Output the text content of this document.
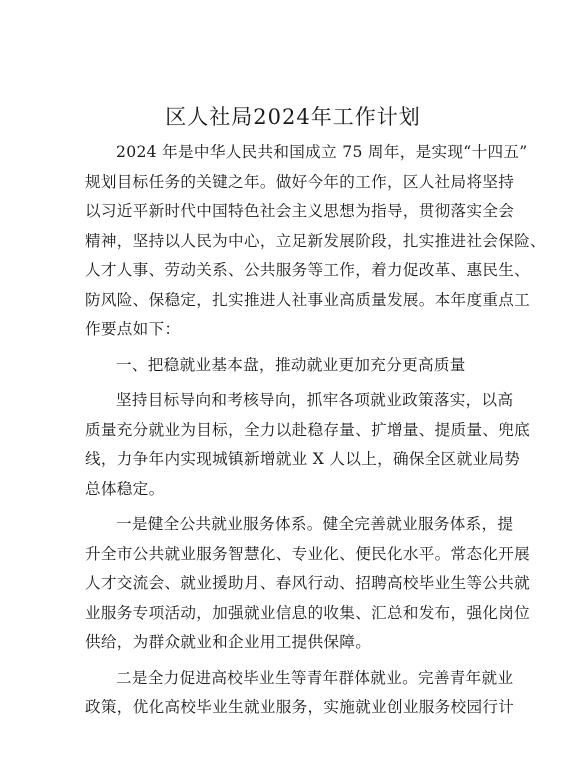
区人社局2024年工作计划
2024 年是中华人民共和国成立 75 周年，是实现“十四五”
规划目标任务的关键之年。做好今年的工作，区人社局将坚持
以习近平新时代中国特色社会主义思想为指导，贯彻落实全会
精神，坚持以人民为中心，立足新发展阶段，扎实推进社会保险、
人才人事、劳动关系、公共服务等工作，着力促改革、惠民生、
防风险、保稳定，扎实推进人社事业高质量发展。本年度重点工
作要点如下：
一、把稳就业基本盘，推动就业更加充分更高质量
坚持目标导向和考核导向，抓牢各项就业政策落实，以高
质量充分就业为目标，全力以赴稳存量、扩增量、提质量、兜底
线，力争年内实现城镇新增就业 X 人以上，确保全区就业局势
总体稳定。
一是健全公共就业服务体系。健全完善就业服务体系，提
升全市公共就业服务智慧化、专业化、便民化水平。常态化开展
人才交流会、就业援助月、春风行动、招聘高校毕业生等公共就
业服务专项活动，加强就业信息的收集、汇总和发布，强化岗位
供给，为群众就业和企业用工提供保障。
二是全力促进高校毕业生等青年群体就业。完善青年就业
政策，优化高校毕业生就业服务，实施就业创业服务校园行计
